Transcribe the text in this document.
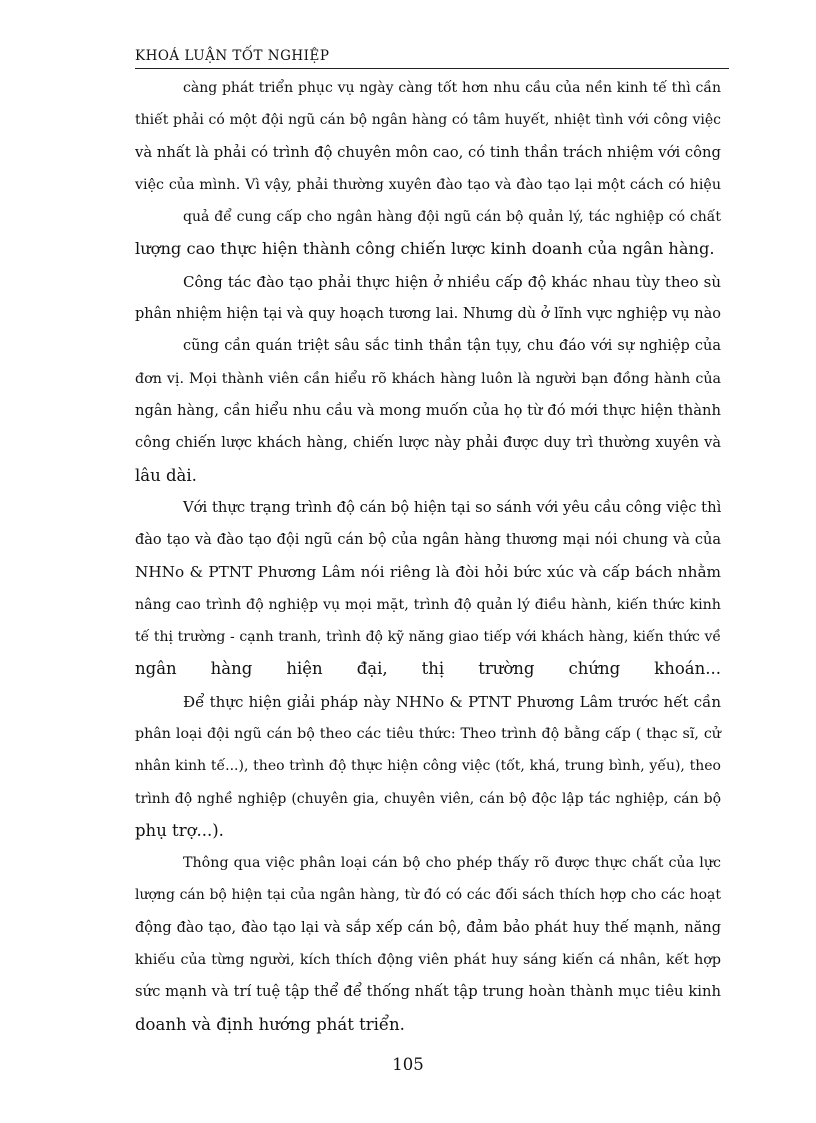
KHOÁ LUẬN TỐT NGHIỆP
càng phát triển phục vụ ngày càng tốt hơn nhu cầu của nền kinh tế thì cần
thiết phải có một đội ngũ cán bộ ngân hàng có tâm huyết, nhiệt tình với công việc
và nhất là phải có trình độ chuyên môn cao, có tinh thần trách nhiệm với công
việc của mình. Vì vậy, phải thường xuyên đào tạo và đào tạo lại một cách có hiệu
quả để cung cấp cho ngân hàng đội ngũ cán bộ quản lý, tác nghiệp có chất
lượng cao thực hiện thành công chiến lược kinh doanh của ngân hàng.
Công tác đào tạo phải thực hiện ở nhiều cấp độ khác nhau tùy theo sù
phân nhiệm hiện tại và quy hoạch tương lai. Nhưng dù ở lĩnh vực nghiệp vụ nào
cũng cần quán triệt sâu sắc tinh thần tận tụy, chu đáo với sự nghiệp của
đơn vị. Mọi thành viên cần hiểu rõ khách hàng luôn là người bạn đồng hành của
ngân hàng, cần hiểu nhu cầu và mong muốn của họ từ đó mới thực hiện thành
công chiến lược khách hàng, chiến lược này phải được duy trì thường xuyên và
lâu dài.
Với thực trạng trình độ cán bộ hiện tại so sánh với yêu cầu công việc thì
đào tạo và đào tạo đội ngũ cán bộ của ngân hàng thương mại nói chung và của
NHNo & PTNT Phương Lâm nói riêng là đòi hỏi bức xúc và cấp bách nhằm
nâng cao trình độ nghiệp vụ mọi mặt, trình độ quản lý điều hành, kiến thức kinh
tế thị trường - cạnh tranh, trình độ kỹ năng giao tiếp với khách hàng, kiến thức về
ngân hàng hiện đại, thị trường chứng khoán...
Để thực hiện giải pháp này NHNo & PTNT Phương Lâm trước hết cần
phân loại đội ngũ cán bộ theo các tiêu thức: Theo trình độ bằng cấp ( thạc sĩ, cử
nhân kinh tế...), theo trình độ thực hiện công việc (tốt, khá, trung bình, yếu), theo
trình độ nghề nghiệp (chuyên gia, chuyên viên, cán bộ độc lập tác nghiệp, cán bộ
phụ trợ...).
Thông qua việc phân loại cán bộ cho phép thấy rõ được thực chất của lực
lượng cán bộ hiện tại của ngân hàng, từ đó có các đối sách thích hợp cho các hoạt
động đào tạo, đào tạo lại và sắp xếp cán bộ, đảm bảo phát huy thế mạnh, năng
khiếu của từng người, kích thích động viên phát huy sáng kiến cá nhân, kết hợp
sức mạnh và trí tuệ tập thể để thống nhất tập trung hoàn thành mục tiêu kinh
doanh và định hướng phát triển.
105
